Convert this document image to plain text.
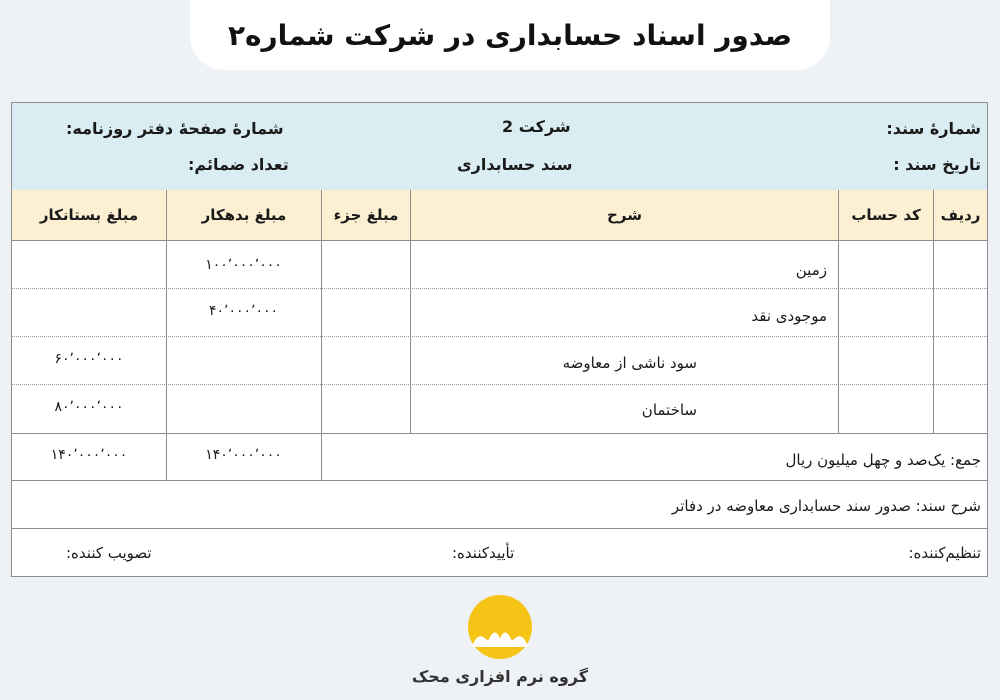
صدور اسناد حسابداری در شرکت شماره۲
شمارۀ سند:
تاریخ سند :
شرکت 2
سند حسابداری
شمارۀ صفحۀ دفتر روزنامه:
تعداد ضمائم:
ردیف
کد حساب
شرح
مبلغ جزء
مبلغ بدهکار
مبلغ بستانکار
زمین
۱۰۰٬۰۰۰٬۰۰۰
موجودی نقد
۴۰٬۰۰۰٬۰۰۰
سود ناشی از معاوضه
۶۰٬۰۰۰٬۰۰۰
ساختمان
۸۰٬۰۰۰٬۰۰۰
جمع: یک‌صد و چهل میلیون ریال
۱۴۰٬۰۰۰٬۰۰۰
۱۴۰٬۰۰۰٬۰۰۰
شرح سند: صدور سند حسابداری معاوضه در دفاتر
تنظیم‌کننده:
تأییدکننده:
تصویب کننده:
گروه نرم افزاری محک
